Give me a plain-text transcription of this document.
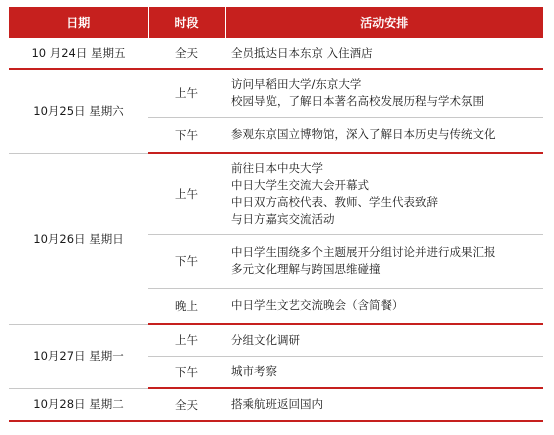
日期	时段	活动安排
10 月24日 星期五	全天	全员抵达日本东京 入住酒店

10月25日 星期六	上午	访问早稻田大学/东京大学
校园导览，了解日本著名高校发展历程与学术氛围

	下午	参观东京国立博物馆，深入了解日本历史与传统文化

10月26日 星期日	上午	前往日本中央大学
中日大学生交流大会开幕式
中日双方高校代表、教师、学生代表致辞
与日方嘉宾交流活动

	下午	中日学生围绕多个主题展开分组讨论并进行成果汇报
多元文化理解与跨国思维碰撞

	晚上	中日学生文艺交流晚会（含简餐）

10月27日 星期一	上午	分组文化调研

	下午	城市考察

10月28日 星期二	全天	搭乘航班返回国内
